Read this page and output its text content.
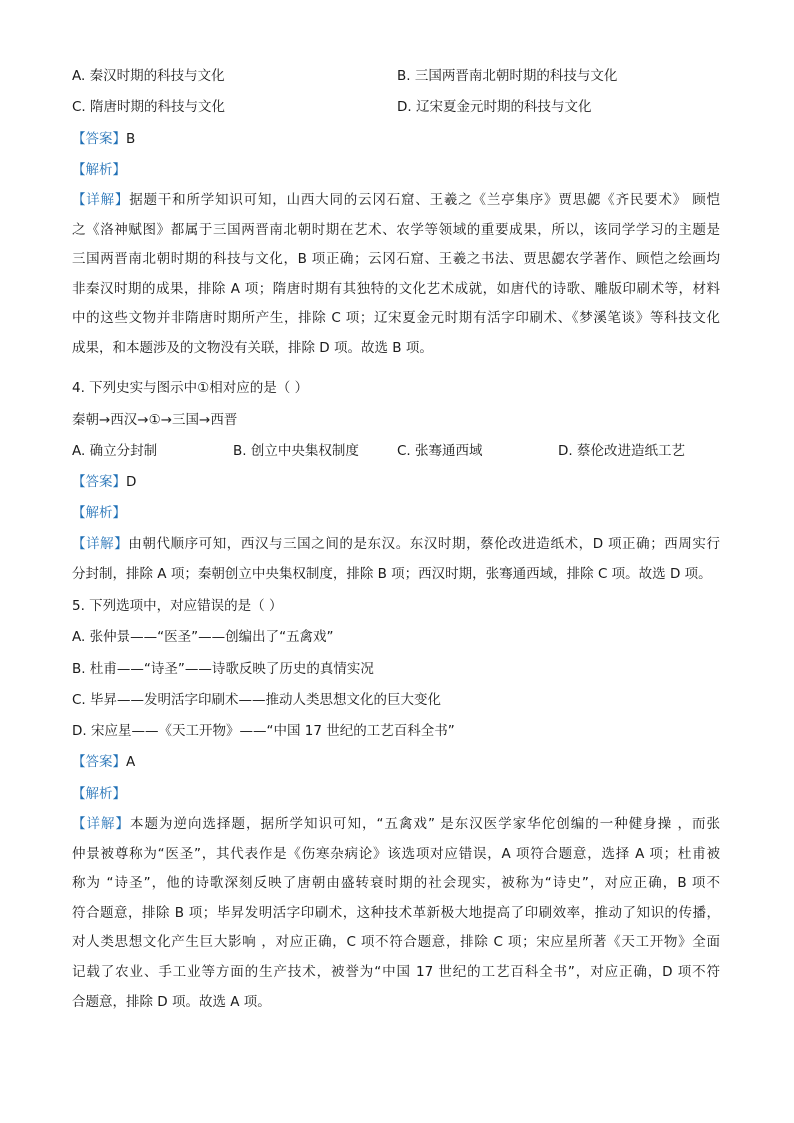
A. 秦汉时期的科技与文化	B. 三国两晋南北朝时期的科技与文化
C. 隋唐时期的科技与文化	D. 辽宋夏金元时期的科技与文化
【答案】B
【解析】
【详解】据题干和所学知识可知，山西大同的云冈石窟、王羲之《兰亭集序》贾思勰《齐民要术》 顾恺
之《洛神赋图》都属于三国两晋南北朝时期在艺术、农学等领域的重要成果，所以，该同学学习的主题是
三国两晋南北朝时期的科技与文化，B 项正确；云冈石窟、王羲之书法、贾思勰农学著作、顾恺之绘画均
非秦汉时期的成果，排除 A 项；隋唐时期有其独特的文化艺术成就，如唐代的诗歌、雕版印刷术等，材料
中的这些文物并非隋唐时期所产生，排除 C 项；辽宋夏金元时期有活字印刷术、《梦溪笔谈》等科技文化
成果，和本题涉及的文物没有关联，排除 D 项。故选 B 项。
4. 下列史实与图示中①相对应的是（ ）
秦朝→西汉→①→三国→西晋
A. 确立分封制	B. 创立中央集权制度	C. 张骞通西域	D. 蔡伦改进造纸工艺
【答案】D
【解析】
【详解】由朝代顺序可知，西汉与三国之间的是东汉。东汉时期，蔡伦改进造纸术，D 项正确；西周实行
分封制，排除 A 项；秦朝创立中央集权制度，排除 B 项；西汉时期，张骞通西域，排除 C 项。故选 D 项。
5. 下列选项中，对应错误的是（ ）
A. 张仲景——“医圣”——创编出了“五禽戏”
B. 杜甫——“诗圣”——诗歌反映了历史的真情实况
C. 毕昇——发明活字印刷术——推动人类思想文化的巨大变化
D. 宋应星——《天工开物》——“中国 17 世纪的工艺百科全书”
【答案】A
【解析】
【详解】本题为逆向选择题，据所学知识可知，“五禽戏” 是东汉医学家华佗创编的一种健身操 ，而张
仲景被尊称为“医圣”，其代表作是《伤寒杂病论》该选项对应错误，A 项符合题意，选择 A 项；杜甫被
称为 “诗圣”，他的诗歌深刻反映了唐朝由盛转衰时期的社会现实，被称为“诗史”，对应正确，B 项不
符合题意，排除 B 项；毕昇发明活字印刷术，这种技术革新极大地提高了印刷效率，推动了知识的传播，
对人类思想文化产生巨大影响 ，对应正确，C 项不符合题意，排除 C 项；宋应星所著《天工开物》全面
记载了农业、手工业等方面的生产技术，被誉为“中国 17 世纪的工艺百科全书”，对应正确，D 项不符
合题意，排除 D 项。故选 A 项。
